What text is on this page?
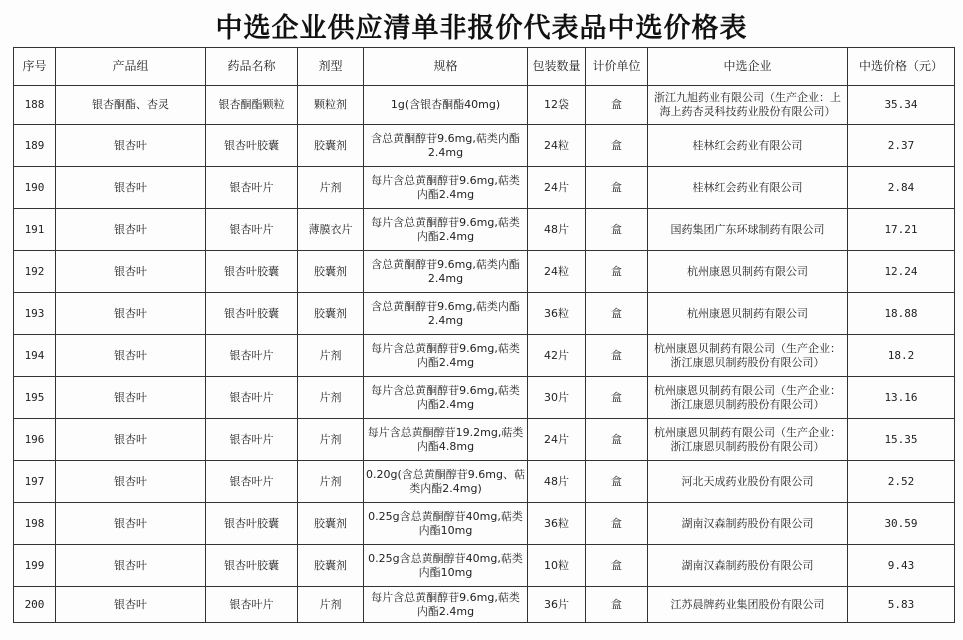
中选企业供应清单非报价代表品中选价格表
序号	产品组	药品名称	剂型	规格	包装数量	计价单位	中选企业	中选价格（元）
188	银杏酮酯、杏灵	银杏酮酯颗粒	颗粒剂	1g(含银杏酮酯40mg)	12袋	盒	浙江九旭药业有限公司（生产企业：上海上药杏灵科技药业股份有限公司）	35.34
189	银杏叶	银杏叶胶囊	胶囊剂	含总黄酮醇苷9.6mg,萜类内酯2.4mg	24粒	盒	桂林红会药业有限公司	2.37
190	银杏叶	银杏叶片	片剂	每片含总黄酮醇苷9.6mg,萜类内酯2.4mg	24片	盒	桂林红会药业有限公司	2.84
191	银杏叶	银杏叶片	薄膜衣片	每片含总黄酮醇苷9.6mg,萜类内酯2.4mg	48片	盒	国药集团广东环球制药有限公司	17.21
192	银杏叶	银杏叶胶囊	胶囊剂	含总黄酮醇苷9.6mg,萜类内酯2.4mg	24粒	盒	杭州康恩贝制药有限公司	12.24
193	银杏叶	银杏叶胶囊	胶囊剂	含总黄酮醇苷9.6mg,萜类内酯2.4mg	36粒	盒	杭州康恩贝制药有限公司	18.88
194	银杏叶	银杏叶片	片剂	每片含总黄酮醇苷9.6mg,萜类内酯2.4mg	42片	盒	杭州康恩贝制药有限公司（生产企业：浙江康恩贝制药股份有限公司）	18.2
195	银杏叶	银杏叶片	片剂	每片含总黄酮醇苷9.6mg,萜类内酯2.4mg	30片	盒	杭州康恩贝制药有限公司（生产企业：浙江康恩贝制药股份有限公司）	13.16
196	银杏叶	银杏叶片	片剂	每片含总黄酮醇苷19.2mg,萜类内酯4.8mg	24片	盒	杭州康恩贝制药有限公司（生产企业：浙江康恩贝制药股份有限公司）	15.35
197	银杏叶	银杏叶片	片剂	0.20g(含总黄酮醇苷9.6mg、萜类内酯2.4mg)	48片	盒	河北天成药业股份有限公司	2.52
198	银杏叶	银杏叶胶囊	胶囊剂	0.25g含总黄酮醇苷40mg,萜类内酯10mg	36粒	盒	湖南汉森制药股份有限公司	30.59
199	银杏叶	银杏叶胶囊	胶囊剂	0.25g含总黄酮醇苷40mg,萜类内酯10mg	10粒	盒	湖南汉森制药股份有限公司	9.43
200	银杏叶	银杏叶片	片剂	每片含总黄酮醇苷9.6mg,萜类内酯2.4mg	36片	盒	江苏晨牌药业集团股份有限公司	5.83
